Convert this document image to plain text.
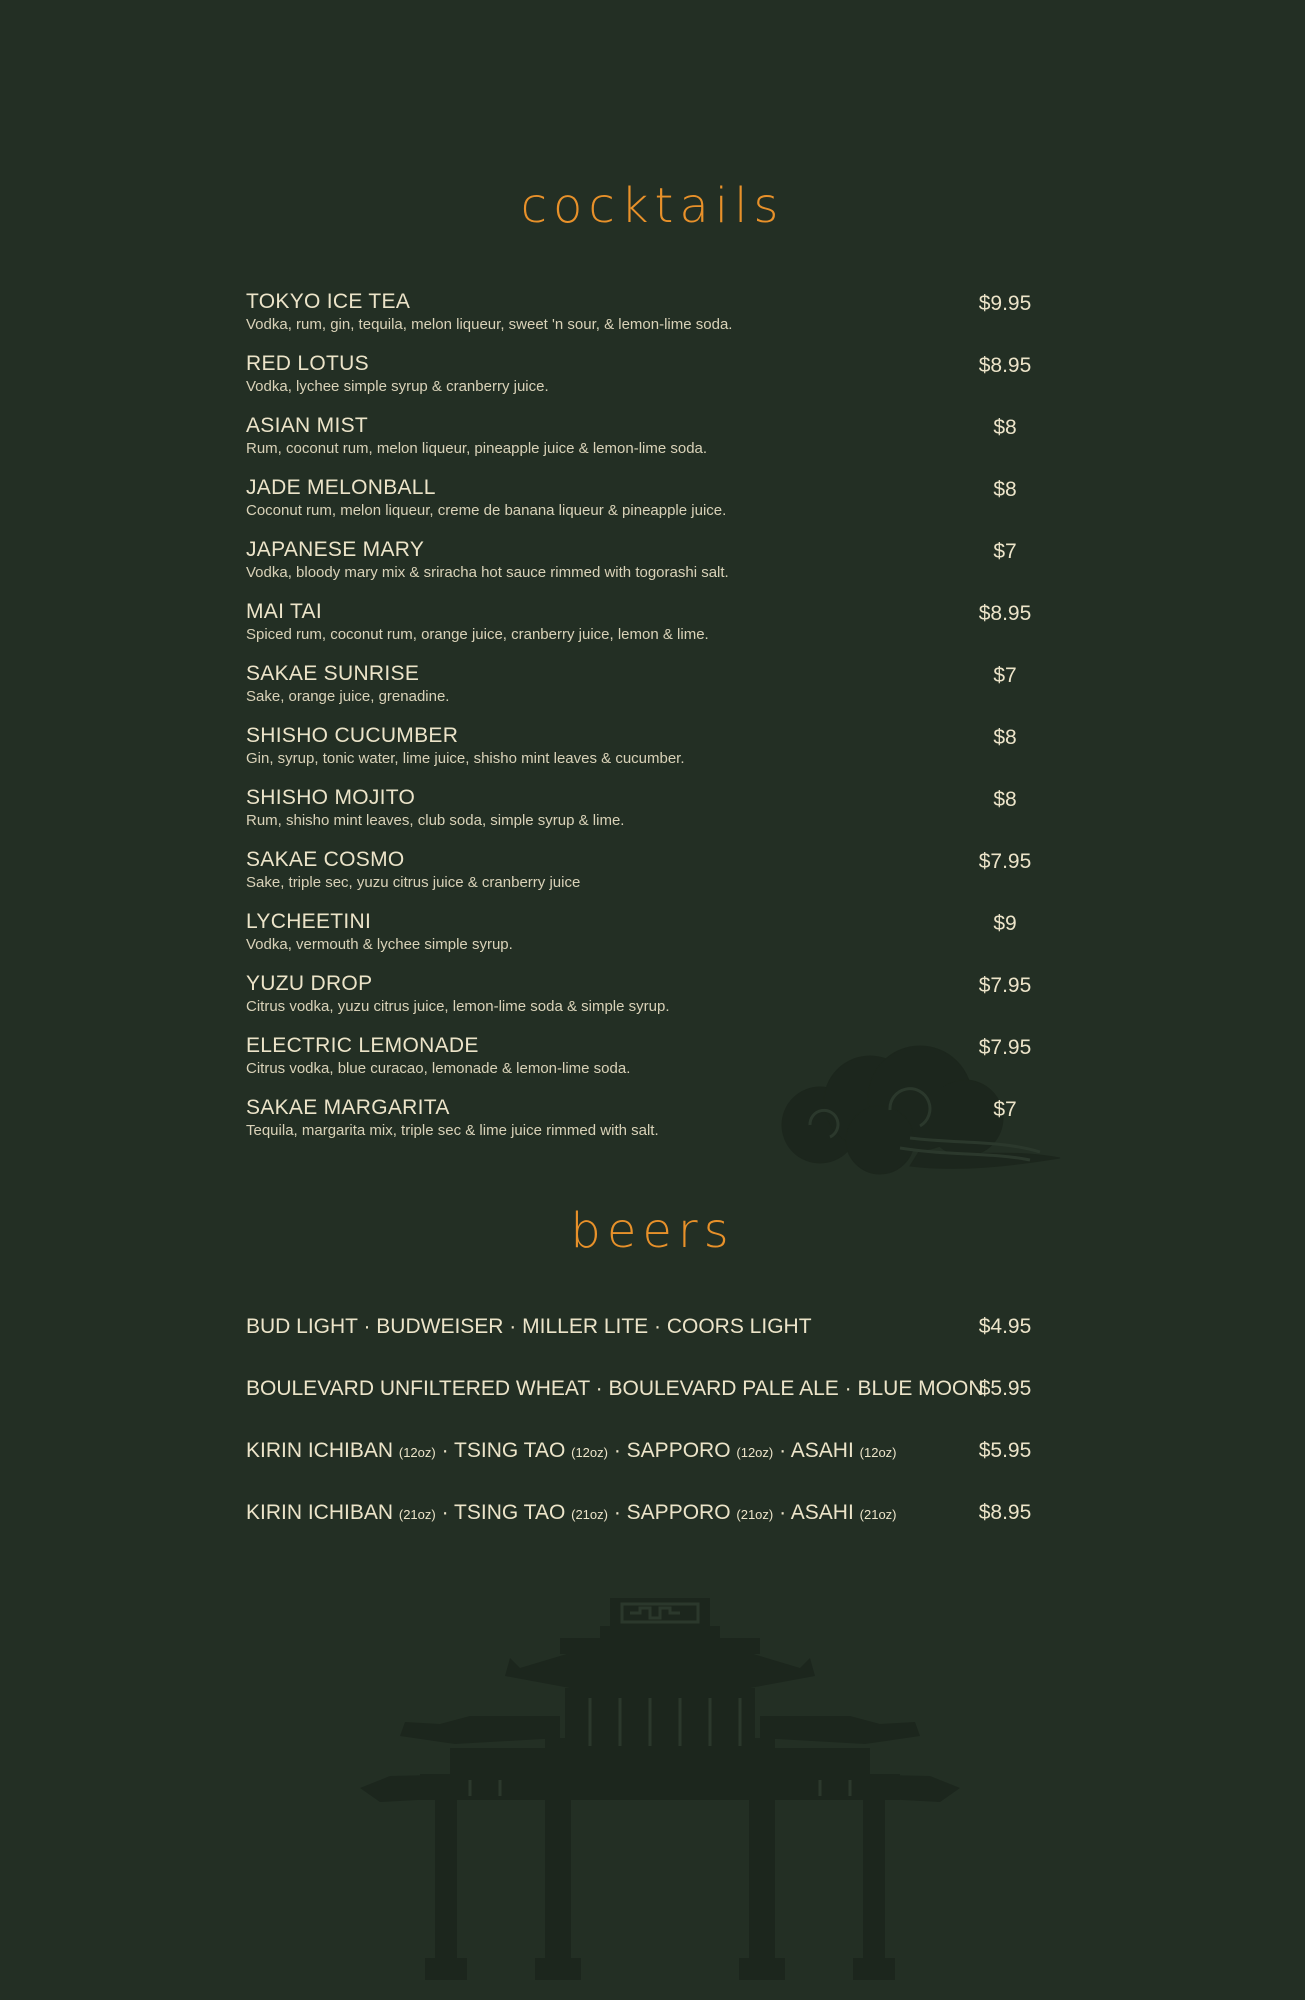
cocktails
TOKYO ICE TEA
Vodka, rum, gin, tequila, melon liqueur, sweet 'n sour, & lemon-lime soda.
$9.95
RED LOTUS
Vodka, lychee simple syrup & cranberry juice.
$8.95
ASIAN MIST
Rum, coconut rum, melon liqueur, pineapple juice & lemon-lime soda.
$8
JADE MELONBALL
Coconut rum, melon liqueur, creme de banana liqueur & pineapple juice.
$8
JAPANESE MARY
Vodka, bloody mary mix & sriracha hot sauce rimmed with togorashi salt.
$7
MAI TAI
Spiced rum, coconut rum, orange juice, cranberry juice, lemon & lime.
$8.95
SAKAE SUNRISE
Sake, orange juice, grenadine.
$7
SHISHO CUCUMBER
Gin, syrup, tonic water, lime juice, shisho mint leaves & cucumber.
$8
SHISHO MOJITO
Rum, shisho mint leaves, club soda, simple syrup & lime.
$8
SAKAE COSMO
Sake, triple sec, yuzu citrus juice & cranberry juice
$7.95
LYCHEETINI
Vodka, vermouth & lychee simple syrup.
$9
YUZU DROP
Citrus vodka, yuzu citrus juice, lemon-lime soda & simple syrup.
$7.95
ELECTRIC LEMONADE
Citrus vodka, blue curacao, lemonade & lemon-lime soda.
$7.95
SAKAE MARGARITA
Tequila, margarita mix, triple sec & lime juice rimmed with salt.
$7
beers
BUD LIGHT · BUDWEISER · MILLER LITE · COORS LIGHT	$4.95
BOULEVARD UNFILTERED WHEAT · BOULEVARD PALE ALE · BLUE MOON
$5.95
KIRIN ICHIBAN (12oz) · TSING TAO (12oz) · SAPPORO (12oz) · ASAHI (12oz)	$5.95
KIRIN ICHIBAN (21oz) · TSING TAO (21oz) · SAPPORO (21oz) · ASAHI (21oz)	$8.95
